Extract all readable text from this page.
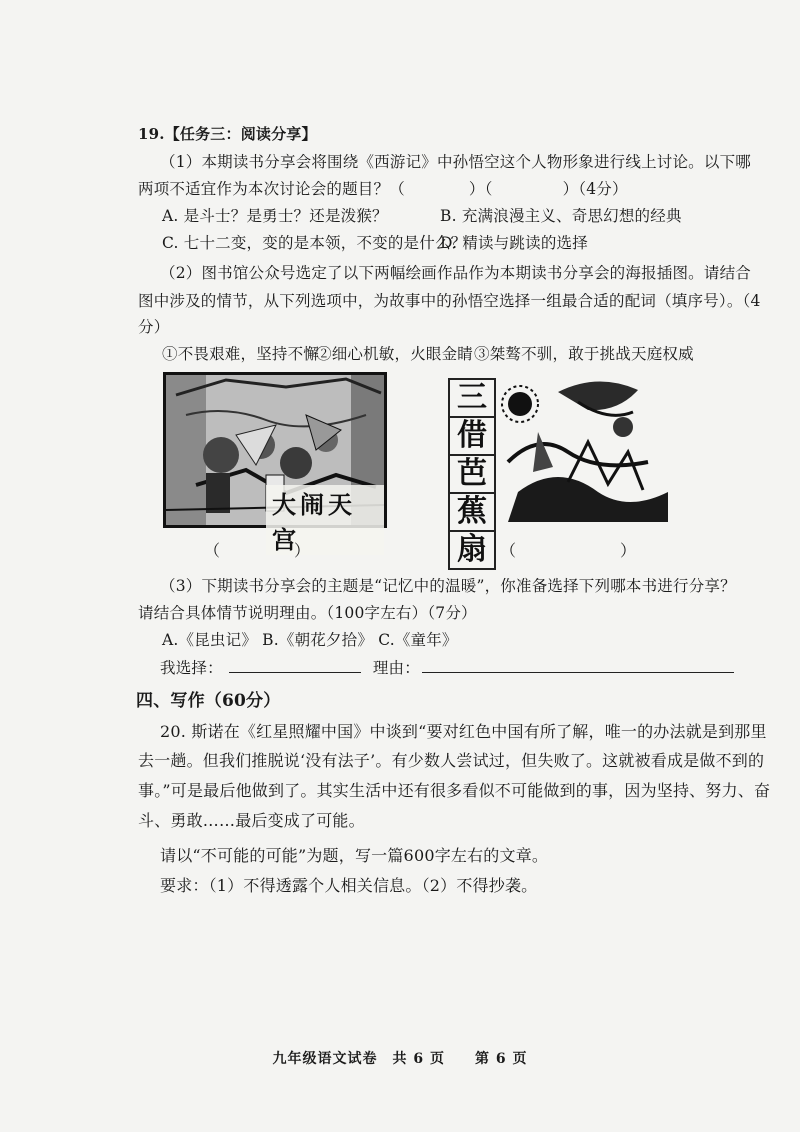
19.【任务三：阅读分享】
（1）本期读书分享会将围绕《西游记》中孙悟空这个人物形象进行线上讨论。以下哪
两项不适宜作为本次讨论会的题目？（	）（	）（4分）
A. 是斗士？是勇士？还是泼猴？	B. 充满浪漫主义、奇思幻想的经典
C. 七十二变，变的是本领，不变的是什么？
D. 精读与跳读的选择
（2）图书馆公众号选定了以下两幅绘画作品作为本期读书分享会的海报插图。请结合
图中涉及的情节，从下列选项中，为故事中的孙悟空选择一组最合适的配词（填序号）。（4
分）
①不畏艰难，坚持不懈
②细心机敏，火眼金睛 ③桀骜不驯，敢于挑战天庭权威
大闹天宫
三
借
芭
蕉
扇
（	）	（	）
（3）下期读书分享会的主题是“记忆中的温暖”，你准备选择下列哪本书进行分享？
请结合具体情节说明理由。（100字左右）（7分）
A.《昆虫记》 B.《朝花夕拾》 C.《童年》
我选择：	理由：
四、写作（60分）
20. 斯诺在《红星照耀中国》中谈到“要对红色中国有所了解，唯一的办法就是到那里
去一趟。但我们推脱说‘没有法子’。有少数人尝试过，但失败了。这就被看成是做不到的
事。”可是最后他做到了。其实生活中还有很多看似不可能做到的事，因为坚持、努力、奋
斗、勇敢……最后变成了可能。
请以“不可能的可能”为题，写一篇600字左右的文章。
要求：（1）不得透露个人相关信息。（2）不得抄袭。
九年级语文试卷　共 6 页　　第 6 页
